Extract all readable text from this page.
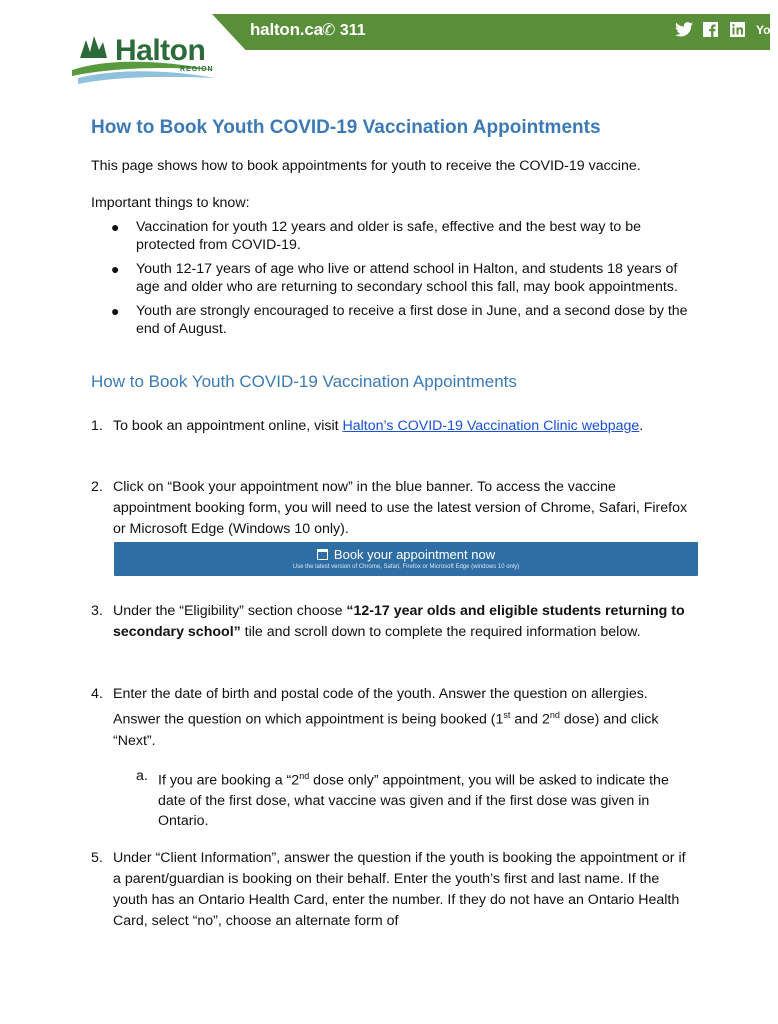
halton.ca ✆ 311	You
Halton
REGION
How to Book Youth COVID-19 Vaccination Appointments

This page shows how to book appointments for youth to receive the COVID-19 vaccine.

Important things to know:

● Vaccination for youth 12 years and older is safe, effective and the best way to be protected from COVID-19.
● Youth 12-17 years of age who live or attend school in Halton, and students 18 years of age and older who are returning to secondary school this fall, may book appointments.
● Youth are strongly encouraged to receive a first dose in June, and a second dose by the end of August.
How to Book Youth COVID-19 Vaccination Appointments
1. To book an appointment online, visit Halton’s COVID-19 Vaccination Clinic webpage.
2. Click on “Book your appointment now” in the blue banner. To access the vaccine appointment booking form, you will need to use the latest version of Chrome, Safari, Firefox or Microsoft Edge (Windows 10 only).
Book your appointment now
Use the latest version of Chrome, Safari, Firefox or Microsoft Edge (windows 10 only)
3. Under the “Eligibility” section choose “12-17 year olds and eligible students returning to secondary school” tile and scroll down to complete the required information below.
4. Enter the date of birth and postal code of the youth. Answer the question on allergies. Answer the question on which appointment is being booked (1st and 2nd dose) and click “Next”.
a. If you are booking a “2nd dose only” appointment, you will be asked to indicate the date of the first dose, what vaccine was given and if the first dose was given in Ontario.
5. Under “Client Information”, answer the question if the youth is booking the appointment or if a parent/guardian is booking on their behalf. Enter the youth’s first and last name. If the youth has an Ontario Health Card, enter the number. If they do not have an Ontario Health Card, select “no”, choose an alternate form of
